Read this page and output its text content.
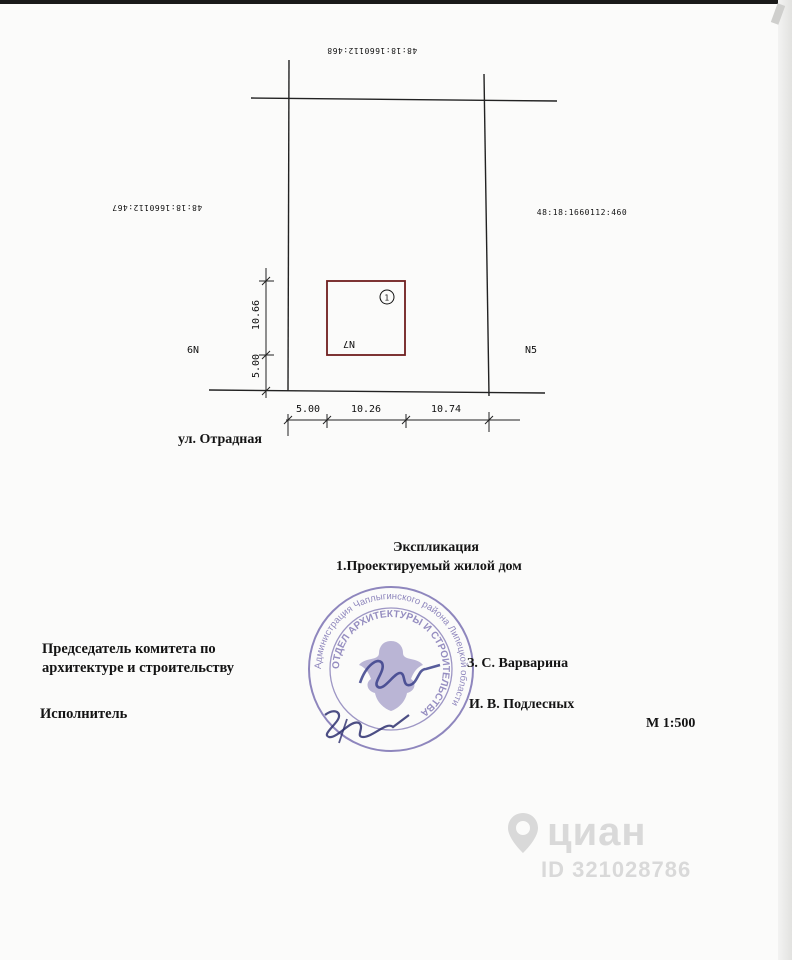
1
48:18:1660112:468
48:18:1660112:467
48:18:1660112:460
N9	N5
N7
5.00	10.26	10.74
5.00
10.66
ул. Отрадная
Экспликация
1.Проектируемый жилой дом
Председатель комитета по
архитектуре и строительству
Исполнитель
Администрация Чаплыгинского района Липецкой области
ОТДЕЛ АРХИТЕКТУРЫ И СТРОИТЕЛЬСТВА
З. С. Варварина
И. В. Подлесных
М 1:500
циан
ID 321028786
